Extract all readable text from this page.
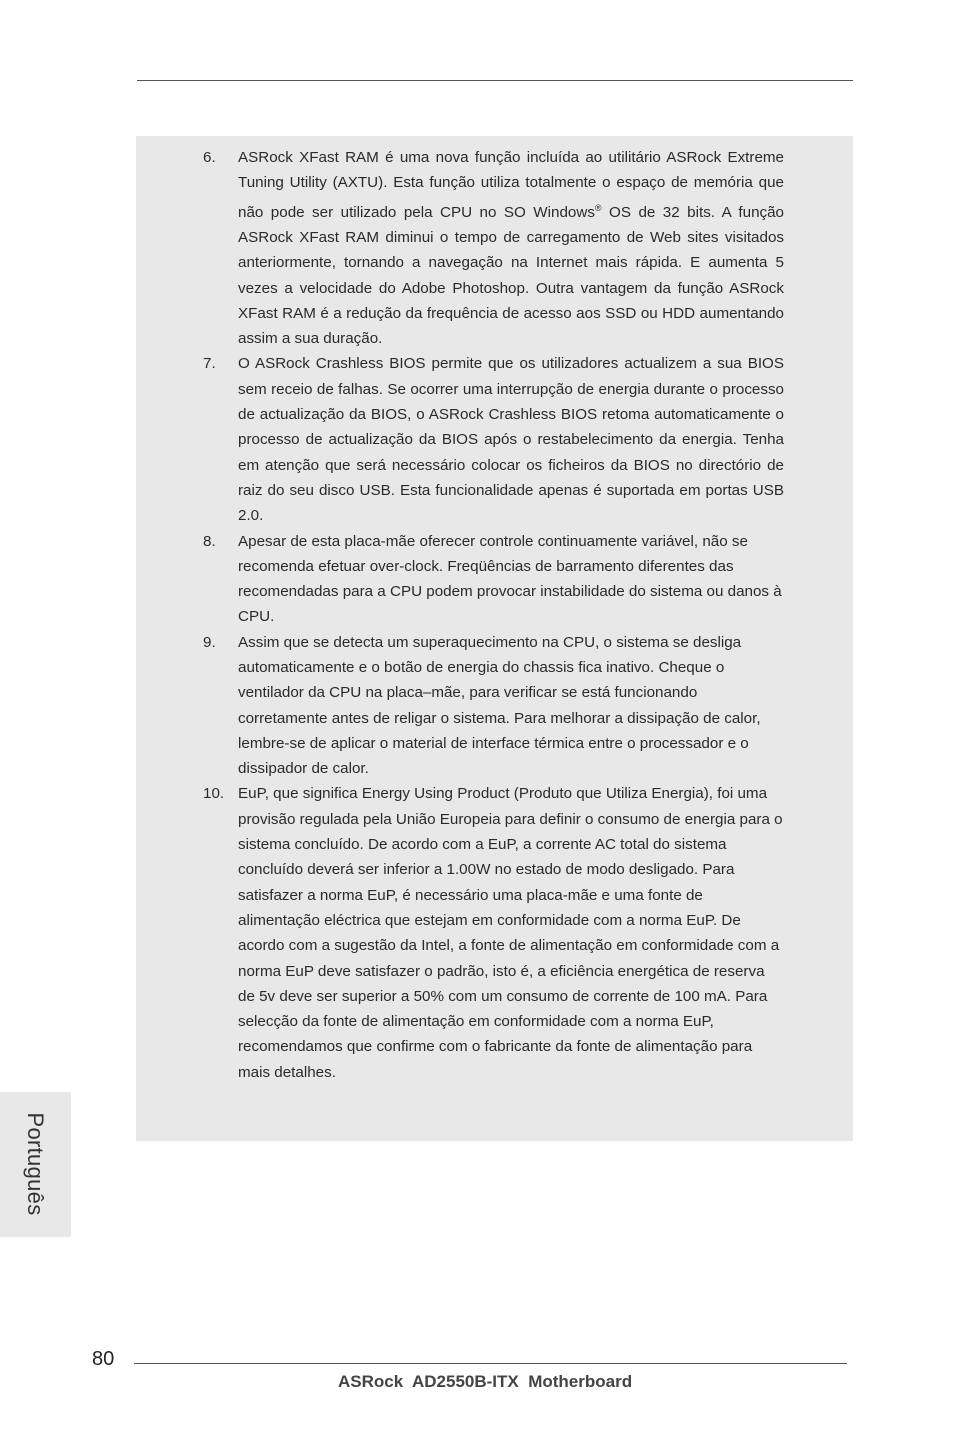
6.	ASRock XFast RAM é uma nova função incluída ao utilitário ASRock Extreme Tuning Utility (AXTU). Esta função utiliza totalmente o espaço de memória que não pode ser utilizado pela CPU no SO Windows® OS de 32 bits. A função ASRock XFast RAM diminui o tempo de carregamento de Web sites visitados anteriormente, tornando a navegação na Internet mais rápida. E aumenta 5 vezes a velocidade do Adobe Photoshop. Outra vantagem da função ASRock XFast RAM é a redução da frequência de acesso aos SSD ou HDD aumentando assim a sua duração.
7.	O ASRock Crashless BIOS permite que os utilizadores actualizem a sua BIOS sem receio de falhas. Se ocorrer uma interrupção de energia durante o processo de actualização da BIOS, o ASRock Crashless BIOS retoma automaticamente o processo de actualização da BIOS após o restabelecimento da energia. Tenha em atenção que será necessário colocar os ficheiros da BIOS no directório de raiz do seu disco USB. Esta funcionalidade apenas é suportada em portas USB 2.0.
8.	Apesar de esta placa-mãe oferecer controle continuamente variável, não se recomenda efetuar over-clock. Freqüências de barramento diferentes das recomendadas para a CPU podem provocar instabilidade do sistema ou danos à CPU.
9.	Assim que se detecta um superaquecimento na CPU, o sistema se desliga automaticamente e o botão de energia do chassis fica inativo. Cheque o ventilador da CPU na placa–mãe, para verificar se está funcionando corretamente antes de religar o sistema. Para melhorar a dissipação de calor, lembre-se de aplicar o material de interface térmica entre o processador e o dissipador de calor.
10. EuP, que significa Energy Using Product (Produto que Utiliza Energia), foi uma provisão regulada pela União Europeia para definir o consumo de energia para o sistema concluído. De acordo com a EuP, a corrente AC total do sistema concluído deverá ser inferior a 1.00W no estado de modo desligado. Para satisfazer a norma EuP, é necessário uma placa-mãe e uma fonte de alimentação eléctrica que estejam em conformidade com a norma EuP. De acordo com a sugestão da Intel, a fonte de alimentação em conformidade com a norma EuP deve satisfazer o padrão, isto é, a eficiência energética de reserva de 5v deve ser superior a 50% com um consumo de corrente de 100 mA. Para selecção da fonte de alimentação em conformidade com a norma EuP, recomendamos que confirme com o fabricante da fonte de alimentação para mais detalhes.
Português
80
ASRock  AD2550B-ITX  Motherboard
